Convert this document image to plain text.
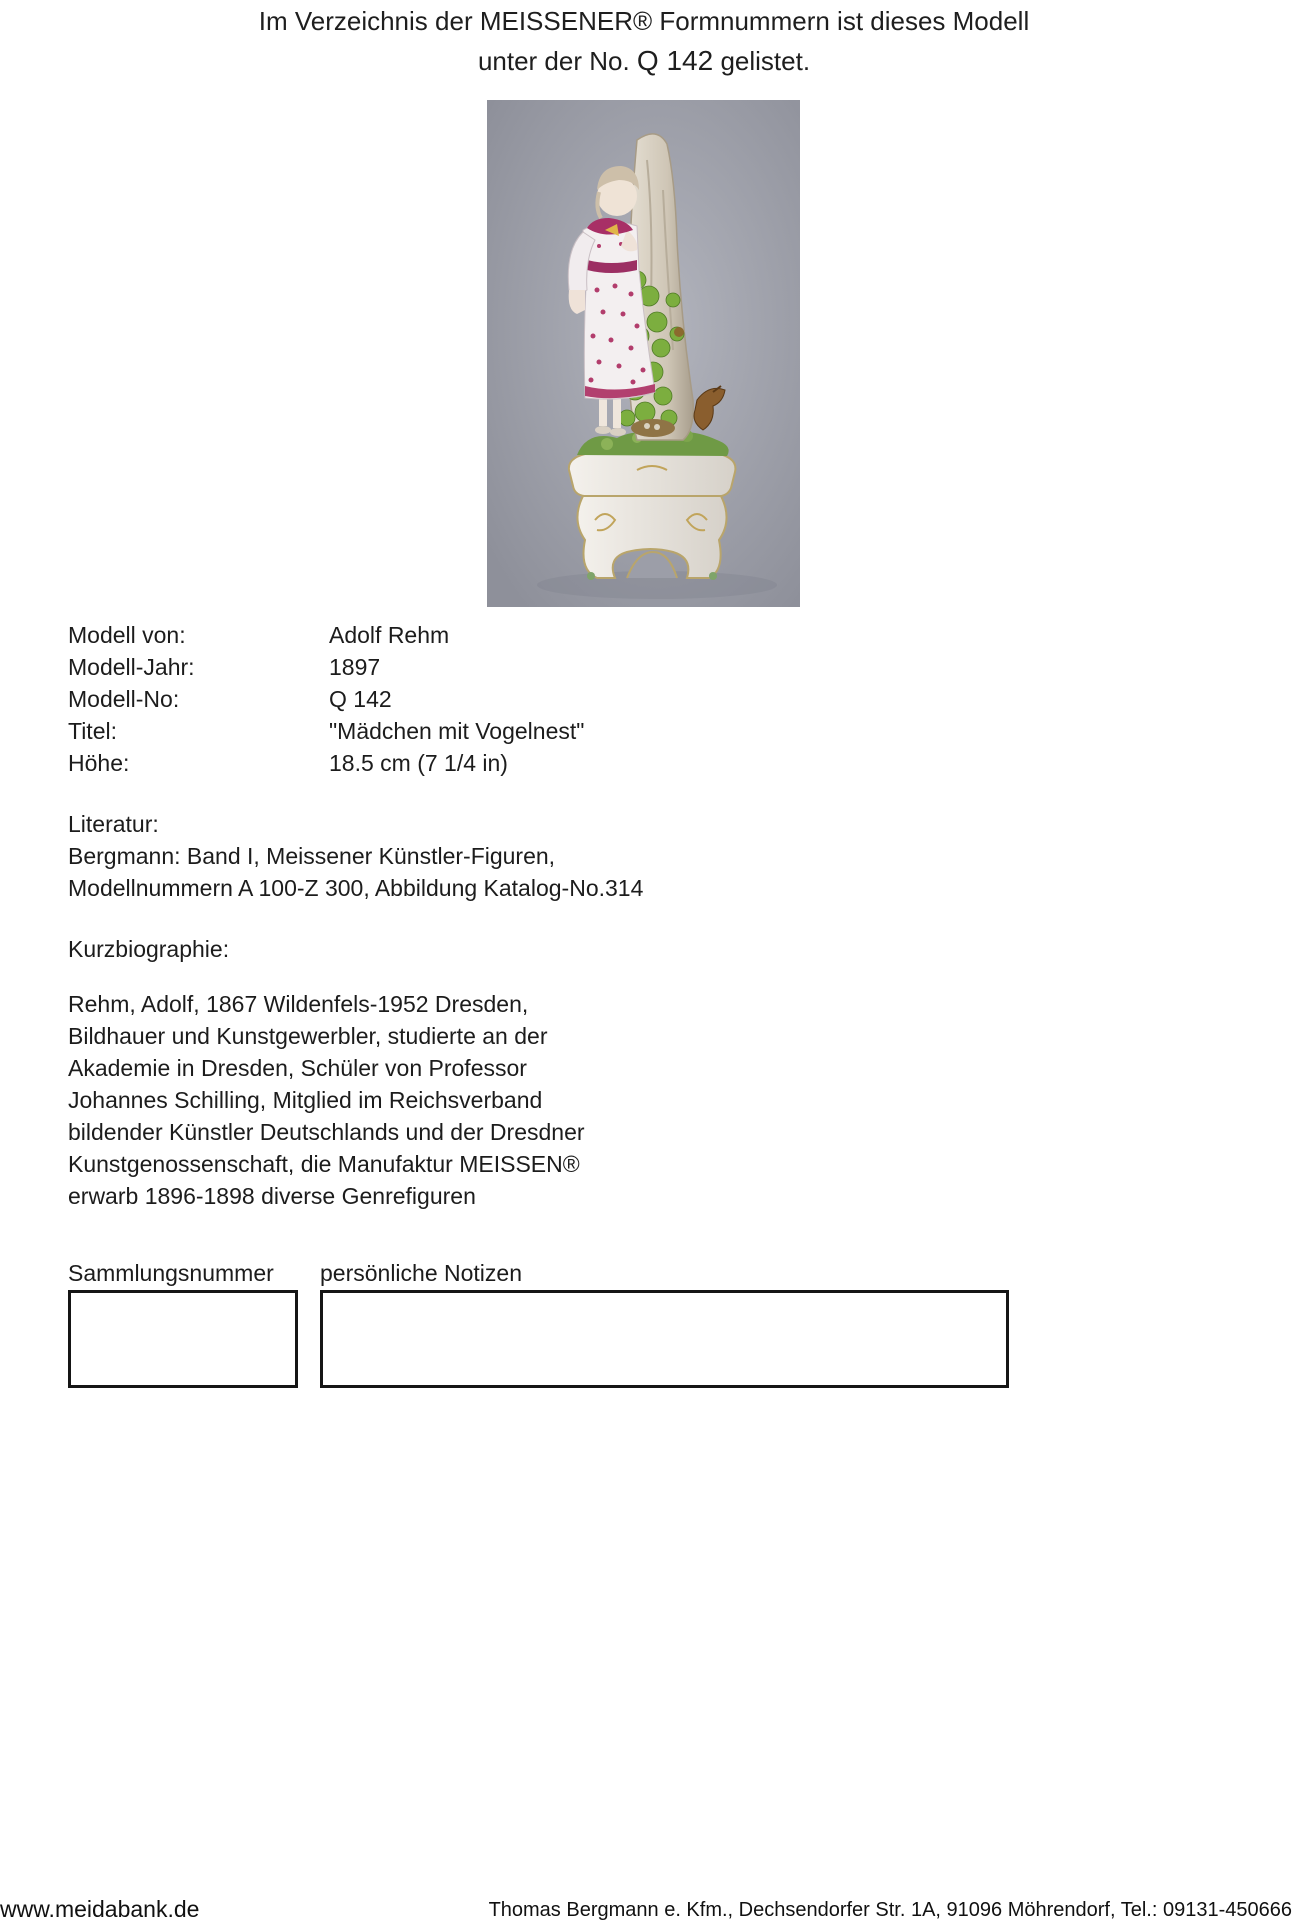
Im Verzeichnis der MEISSENER® Formnummern ist dieses Modell
unter der No. Q 142 gelistet.
Modell von:	Adolf Rehm
Modell-Jahr:	1897
Modell-No:	Q 142
Titel:	"Mädchen mit Vogelnest"
Höhe:	18.5 cm (7 1/4 in)

Literatur:

Bergmann: Band I, Meissener Künstler-Figuren,

Modellnummern A 100-Z 300, Abbildung Katalog-No.314

Kurzbiographie:

Rehm, Adolf, 1867 Wildenfels-1952 Dresden,

Bildhauer und Kunstgewerbler, studierte an der

Akademie in Dresden, Schüler von Professor

Johannes Schilling, Mitglied im Reichsverband

bildender Künstler Deutschlands und der Dresdner

Kunstgenossenschaft, die Manufaktur MEISSEN®

erwarb 1896-1898 diverse Genrefiguren

Sammlungsnummer persönliche Notizen
www.meidabank.de	Thomas Bergmann e. Kfm., Dechsendorfer Str. 1A, 91096 Möhrendorf, Tel.: 09131-450666
